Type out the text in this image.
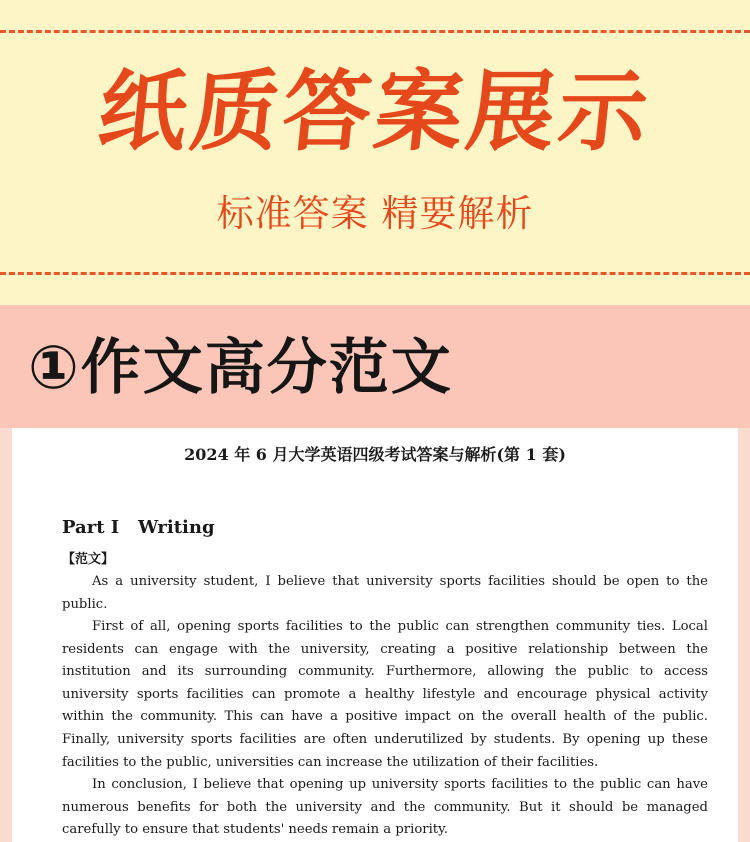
纸质答案展示
标准答案 精要解析
①作文高分范文
2024 年 6 月大学英语四级考试答案与解析(第 1 套)
Part I   Writing
【范文】

As a university student, I believe that university sports facilities should be open to the public.

First of all, opening sports facilities to the public can strengthen community ties. Local residents can engage with the university, creating a positive relationship between the institution and its surrounding community. Furthermore, allowing the public to access university sports facilities can promote a healthy lifestyle and encourage physical activity within the community. This can have a positive impact on the overall health of the public. Finally, university sports facilities are often underutilized by students. By opening up these facilities to the public, universities can increase the utilization of their facilities.

In conclusion, I believe that opening up university sports facilities to the public can have numerous benefits for both the university and the community. But it should be managed carefully to ensure that students' needs remain a priority.
